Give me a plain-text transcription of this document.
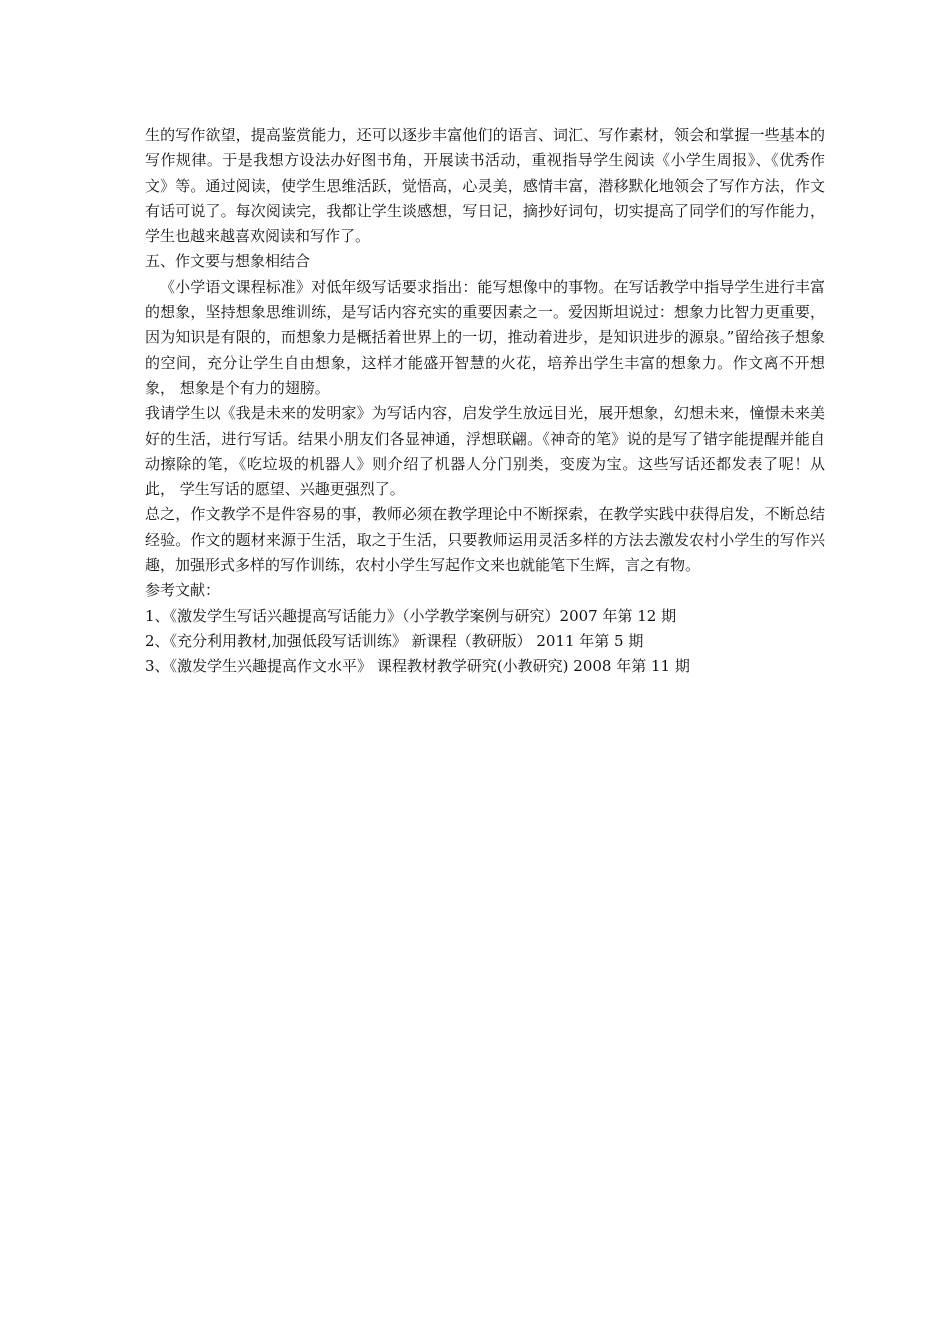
生的写作欲望，提高鉴赏能力，还可以逐步丰富他们的语言、词汇、写作素材，领会和掌握一些基本的写作规律。于是我想方设法办好图书角，开展读书活动，重视指导学生阅读《小学生周报》、《优秀作文》等。通过阅读，使学生思维活跃，觉悟高，心灵美，感情丰富，潜移默化地领会了写作方法，作文有话可说了。每次阅读完，我都让学生谈感想，写日记，摘抄好词句，切实提高了同学们的写作能力， 学生也越来越喜欢阅读和写作了。

五、作文要与想象相结合

《小学语文课程标准》对低年级写话要求指出：能写想像中的事物。在写话教学中指导学生进行丰富的想象，坚持想象思维训练，是写话内容充实的重要因素之一。爱因斯坦说过：想象力比智力更重要，因为知识是有限的，而想象力是概括着世界上的一切，推动着进步，是知识进步的源泉。”留给孩子想象的空间，充分让学生自由想象，这样才能盛开智慧的火花，培养出学生丰富的想象力。作文离不开想象， 想象是个有力的翅膀。

我请学生以《我是未来的发明家》为写话内容，启发学生放远目光，展开想象，幻想未来，憧憬未来美好的生活，进行写话。结果小朋友们各显神通，浮想联翩。《神奇的笔》说的是写了错字能提醒并能自动擦除的笔，《吃垃圾的机器人》则介绍了机器人分门别类，变废为宝。这些写话还都发表了呢！从此， 学生写话的愿望、兴趣更强烈了。

总之，作文教学不是件容易的事，教师必须在教学理论中不断探索，在教学实践中获得启发，不断总结经验。作文的题材来源于生活，取之于生活，只要教师运用灵活多样的方法去激发农村小学生的写作兴趣，加强形式多样的写作训练，农村小学生写起作文来也就能笔下生辉，言之有物。

参考文献：

1、《激发学生写话兴趣提高写话能力》（小学教学案例与研究）2007 年第 12 期

2、《充分利用教材,加强低段写话训练》 新课程（教研版） 2011 年第 5 期

3、《激发学生兴趣提高作文水平》 课程教材教学研究(小教研究) 2008 年第 11 期
